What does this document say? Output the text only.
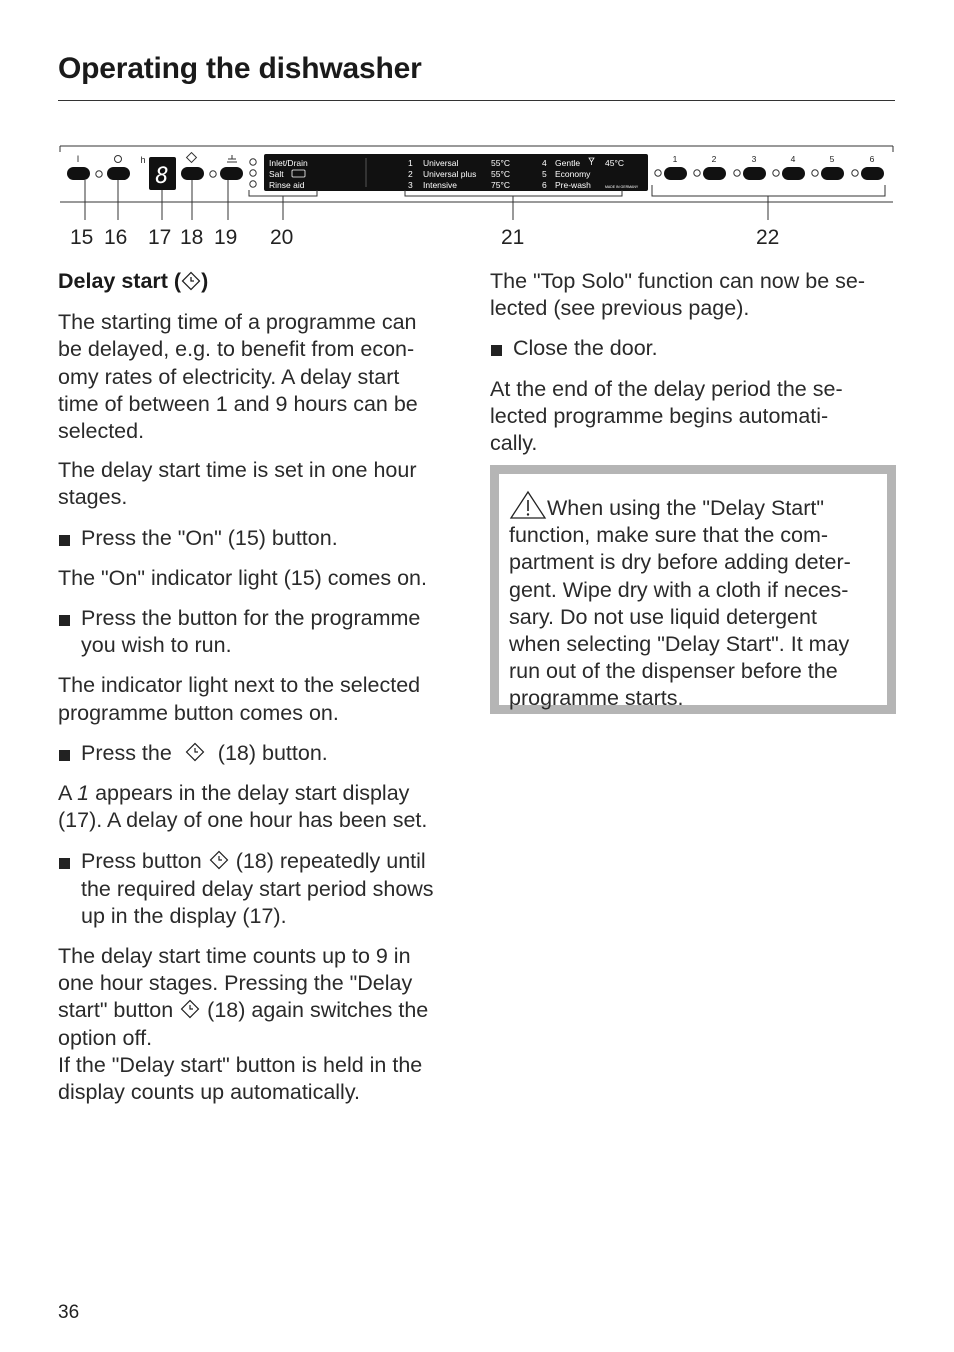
Operating the dishwasher
I	h
8
Inlet/Drain
Salt
Rinse aid
1 Universal	55°C
2 Universal plus 55°C
3 Intensive	75°C
4 Gentle	45°C
5 Economy
6 Pre-wash	MADE IN GERMANY
1	2	3	4	5	6
15 16 17 18 19 20	21	22

Delay start ( )

The starting time of a programme can
be delayed, e.g. to benefit from econ-
omy rates of electricity. A delay start
time of between 1 and 9 hours can be
selected.

The delay start time is set in one hour
stages.

Press the "On" (15) button.

The "On" indicator light (15) comes on.

Press the button for the programme
you wish to run.

The indicator light next to the selected
programme button comes on.

Press the (18) button.

A 1 appears in the delay start display
(17). A delay of one hour has been set.

Press button (18) repeatedly until
the required delay start period shows
up in the display (17).

The delay start time counts up to 9 in
one hour stages. Pressing the "Delay
start" button (18) again switches the
option off.
If the "Delay start" button is held in the
display counts up automatically.

The "Top Solo" function can now be se-
lected (see previous page).

Close the door.

At the end of the delay period the se-
lected programme begins automati-
cally.

When using the "Delay Start"
function, make sure that the com-
partment is dry before adding deter-
gent. Wipe dry with a cloth if neces-
sary. Do not use liquid detergent
when selecting "Delay Start". It may
run out of the dispenser before the
programme starts.
36
